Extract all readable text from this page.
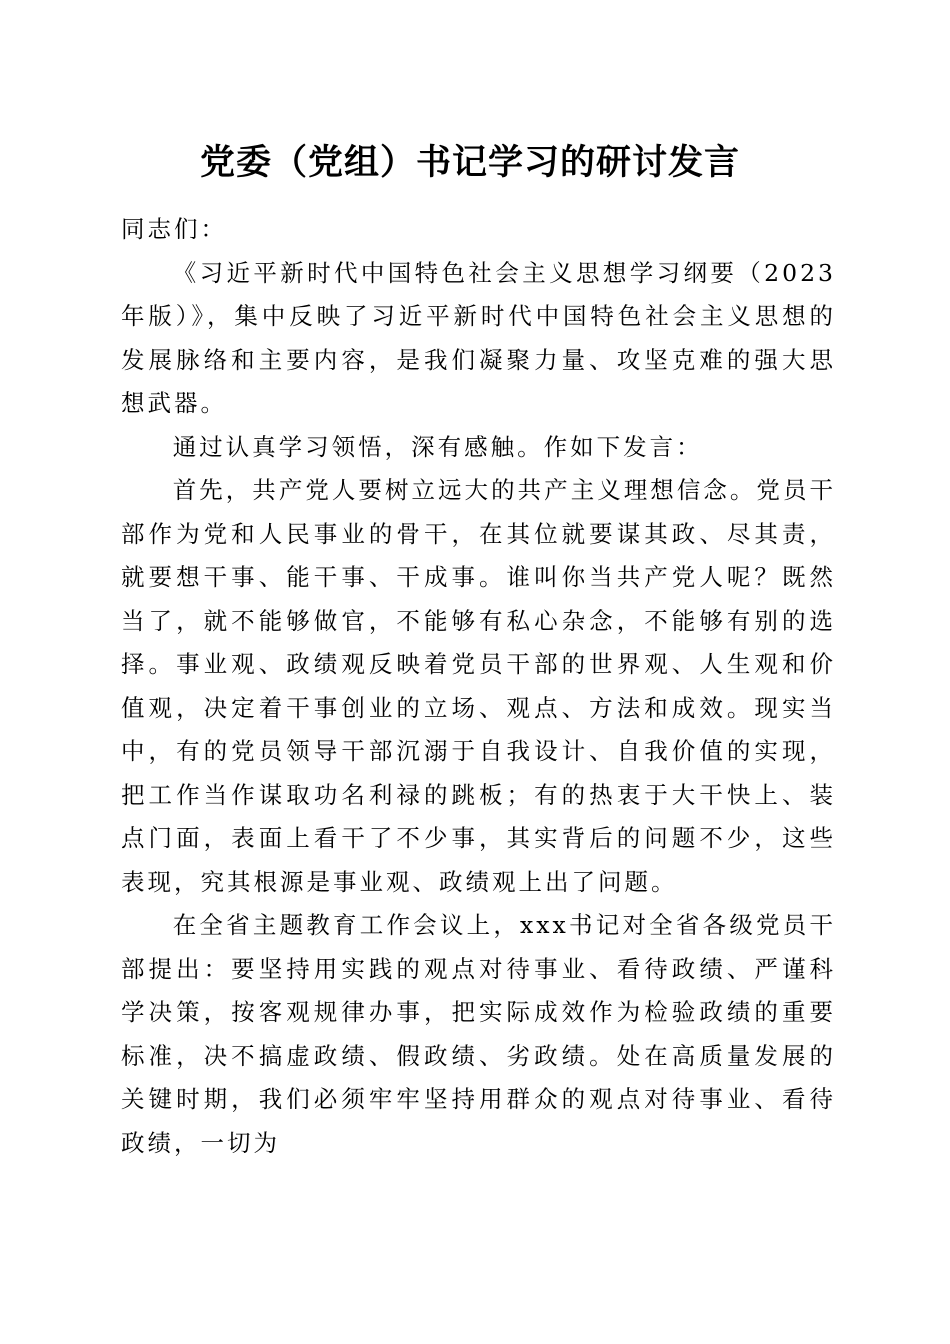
党委（党组）书记学习的研讨发言

同志们：

《习近平新时代中国特色社会主义思想学习纲要（2023年版）》，集中反映了习近平新时代中国特色社会主义思想的发展脉络和主要内容，是我们凝聚力量、攻坚克难的强大思想武器。

通过认真学习领悟，深有感触。作如下发言：

首先，共产党人要树立远大的共产主义理想信念。党员干部作为党和人民事业的骨干，在其位就要谋其政、尽其责，就要想干事、能干事、干成事。谁叫你当共产党人呢？既然当了，就不能够做官，不能够有私心杂念，不能够有别的选择。事业观、政绩观反映着党员干部的世界观、人生观和价值观，决定着干事创业的立场、观点、方法和成效。现实当中，有的党员领导干部沉溺于自我设计、自我价值的实现，把工作当作谋取功名利禄的跳板；有的热衷于大干快上、装点门面，表面上看干了不少事，其实背后的问题不少，这些表现，究其根源是事业观、政绩观上出了问题。

在全省主题教育工作会议上，xxx书记对全省各级党员干部提出：要坚持用实践的观点对待事业、看待政绩、严谨科学决策，按客观规律办事，把实际成效作为检验政绩的重要标准，决不搞虚政绩、假政绩、劣政绩。处在高质量发展的关键时期，我们必须牢牢坚持用群众的观点对待事业、看待政绩，一切为
